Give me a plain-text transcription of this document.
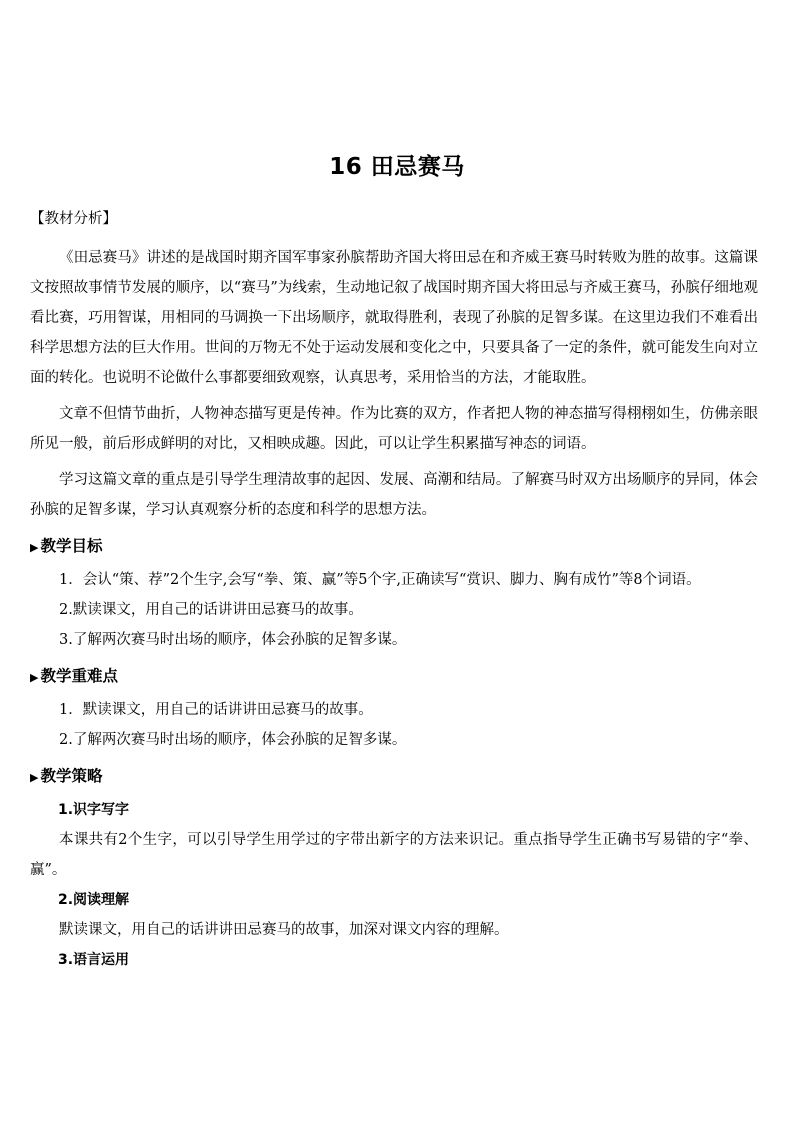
16 田忌赛马
【教材分析】

《田忌赛马》讲述的是战国时期齐国军事家孙膑帮助齐国大将田忌在和齐威王赛马时转败为胜的故事。这篇课文按照故事情节发展的顺序，以“赛马”为线索，生动地记叙了战国时期齐国大将田忌与齐威王赛马，孙膑仔细地观看比赛，巧用智谋，用相同的马调换一下出场顺序，就取得胜利，表现了孙膑的足智多谋。在这里边我们不难看出科学思想方法的巨大作用。世间的万物无不处于运动发展和变化之中，只要具备了一定的条件，就可能发生向对立面的转化。也说明不论做什么事都要细致观察，认真思考，采用恰当的方法，才能取胜。

文章不但情节曲折，人物神态描写更是传神。作为比赛的双方，作者把人物的神态描写得栩栩如生，仿佛亲眼所见一般，前后形成鲜明的对比，又相映成趣。因此，可以让学生积累描写神态的词语。

学习这篇文章的重点是引导学生理清故事的起因、发展、高潮和结局。了解赛马时双方出场顺序的异同，体会孙膑的足智多谋，学习认真观察分析的态度和科学的思想方法。

▶ 教学目标

1．会认“策、荐”2个生字,会写“拳、策、赢”等5个字,正确读写“赏识、脚力、胸有成竹”等8个词语。

2.默读课文，用自己的话讲讲田忌赛马的故事。

3.了解两次赛马时出场的顺序，体会孙膑的足智多谋。

▶ 教学重难点

1．默读课文，用自己的话讲讲田忌赛马的故事。

2.了解两次赛马时出场的顺序，体会孙膑的足智多谋。

▶ 教学策略

1.识字写字

本课共有2个生字，可以引导学生用学过的字带出新字的方法来识记。重点指导学生正确书写易错的字“拳、赢”。

2.阅读理解

默读课文，用自己的话讲讲田忌赛马的故事，加深对课文内容的理解。

3.语言运用
